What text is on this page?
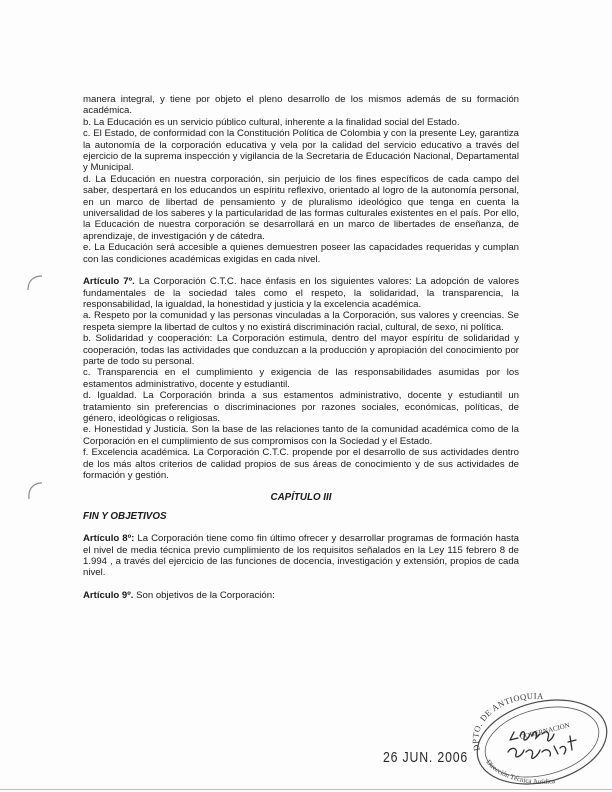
manera integral, y tiene por objeto el pleno desarrollo de los mismos además de su formación académica.

b. La Educación es un servicio público cultural, inherente a la finalidad social del Estado.

c. El Estado, de conformidad con la Constitución Política de Colombia y con la presente Ley, garantiza la autonomía de la corporación educativa y vela por la calidad del servicio educativo a través del ejercicio de la suprema inspección y vigilancia de la Secretaria de Educación Nacional, Departamental y Municipal.

d. La Educación en nuestra corporación, sin perjuicio de los fines específicos de cada campo del saber, despertará en los educandos un espíritu reflexivo, orientado al logro de la autonomía personal, en un marco de libertad de pensamiento y de pluralismo ideológico que tenga en cuenta la universalidad de los saberes y la particularidad de las formas culturales existentes en el país. Por ello, la Educación de nuestra corporación se desarrollará en un marco de libertades de enseñanza, de aprendizaje, de investigación y de cátedra.

e. La Educación será accesible a quienes demuestren poseer las capacidades requeridas y cumplan con las condiciones académicas exigidas en cada nivel.

Artículo 7º. La Corporación C.T.C. hace énfasis en los siguientes valores: La adopción de valores fundamentales de la sociedad tales como el respeto, la solidaridad, la transparencia, la responsabilidad, la igualdad, la honestidad y justicia y la excelencia académica.

a. Respeto por la comunidad y las personas vinculadas a la Corporación, sus valores y creencias. Se respeta siempre la libertad de cultos y no existirá discriminación racial, cultural, de sexo, ni política.

b. Solidaridad y cooperación: La Corporación estimula, dentro del mayor espíritu de solidaridad y cooperación, todas las actividades que conduzcan a la producción y apropiación del conocimiento por parte de todo su personal.

c. Transparencia en el cumplimiento y exigencia de las responsabilidades asumidas por los estamentos administrativo, docente y estudiantil.

d. Igualdad. La Corporación brinda a sus estamentos administrativo, docente y estudiantil un tratamiento sin preferencias o discriminaciones por razones sociales, económicas, políticas, de género, ideológicas o religiosas.

e. Honestidad y Justicia. Son la base de las relaciones tanto de la comunidad académica como de la Corporación en el cumplimiento de sus compromisos con la Sociedad y el Estado.

f. Excelencia académica. La Corporación C.T.C. propende por el desarrollo de sus actividades dentro de los más altos criterios de calidad propios de sus áreas de conocimiento y de sus actividades de formación y gestión.

CAPÍTULO III

FIN Y OBJETIVOS

Artículo 8º: La Corporación tiene como fin último ofrecer y desarrollar programas de formación hasta el nivel de media técnica previo cumplimiento de los requisitos señalados en la Ley 115 febrero 8 de 1.994 , a través del ejercicio de las funciones de docencia, investigación y extensión, propios de cada nivel.

Artículo 9º. Son objetivos de la Corporación:

26 JUN. 2006
DPTO. DE ANTIOQUIA
GOBERNACION
Dirección Técnica Jurídica
